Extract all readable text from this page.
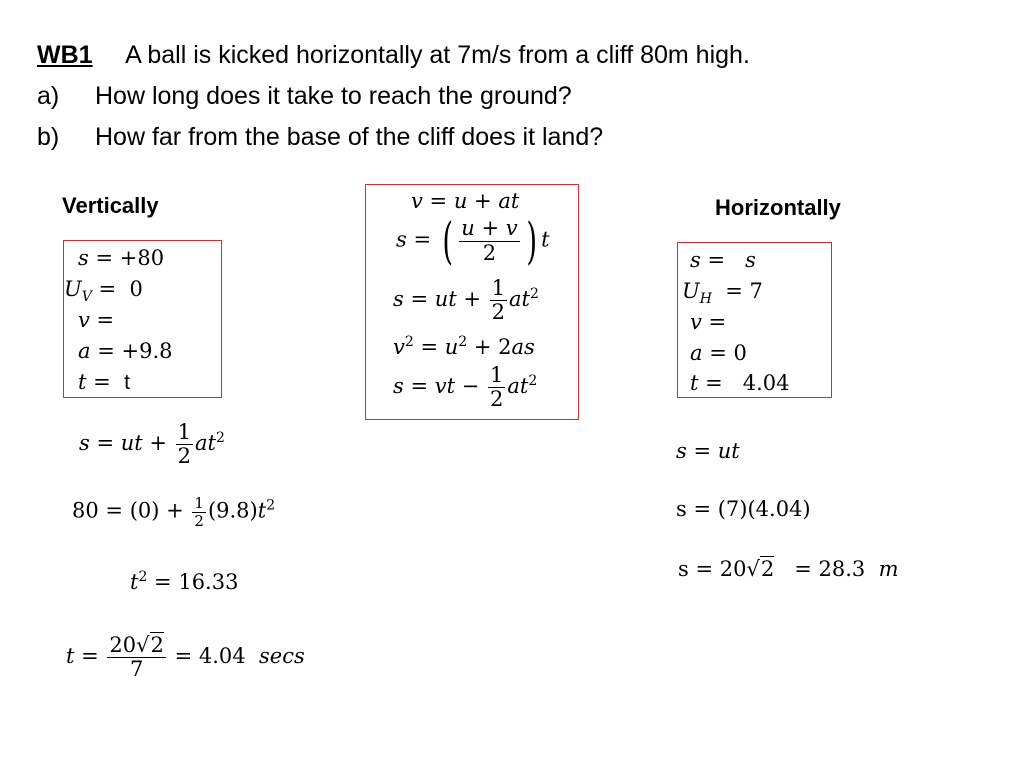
WB1 A ball is kicked horizontally at 7m/s from a cliff 80m high.
a) How long does it take to reach the ground?
b) How far from the base of the cliff does it land?
Vertically
s = +80
$U_V = 0$
v =
a = +9.8
t =  t
v = u + at
s = ( $\frac{u + v}{2}$ ) t
s = ut + $\frac{1}{2} at^2$
$v^2 = u^2 + 2as$
s = vt − $\frac{1}{2} at^2$
s = ut + $\frac{1}{2} at^2$
$80 = (0) + \frac{1}{2} (9.8)t^2$
$t^2 = 16.33$
$t = \frac{20√2}{7} = 4.04$ secs
Horizontally
s =   s
$U_H = 7$
v =
a = 0
t =   4.04
s = ut
s = (7)(4.04)
s = 20√2   = 28.3 m
